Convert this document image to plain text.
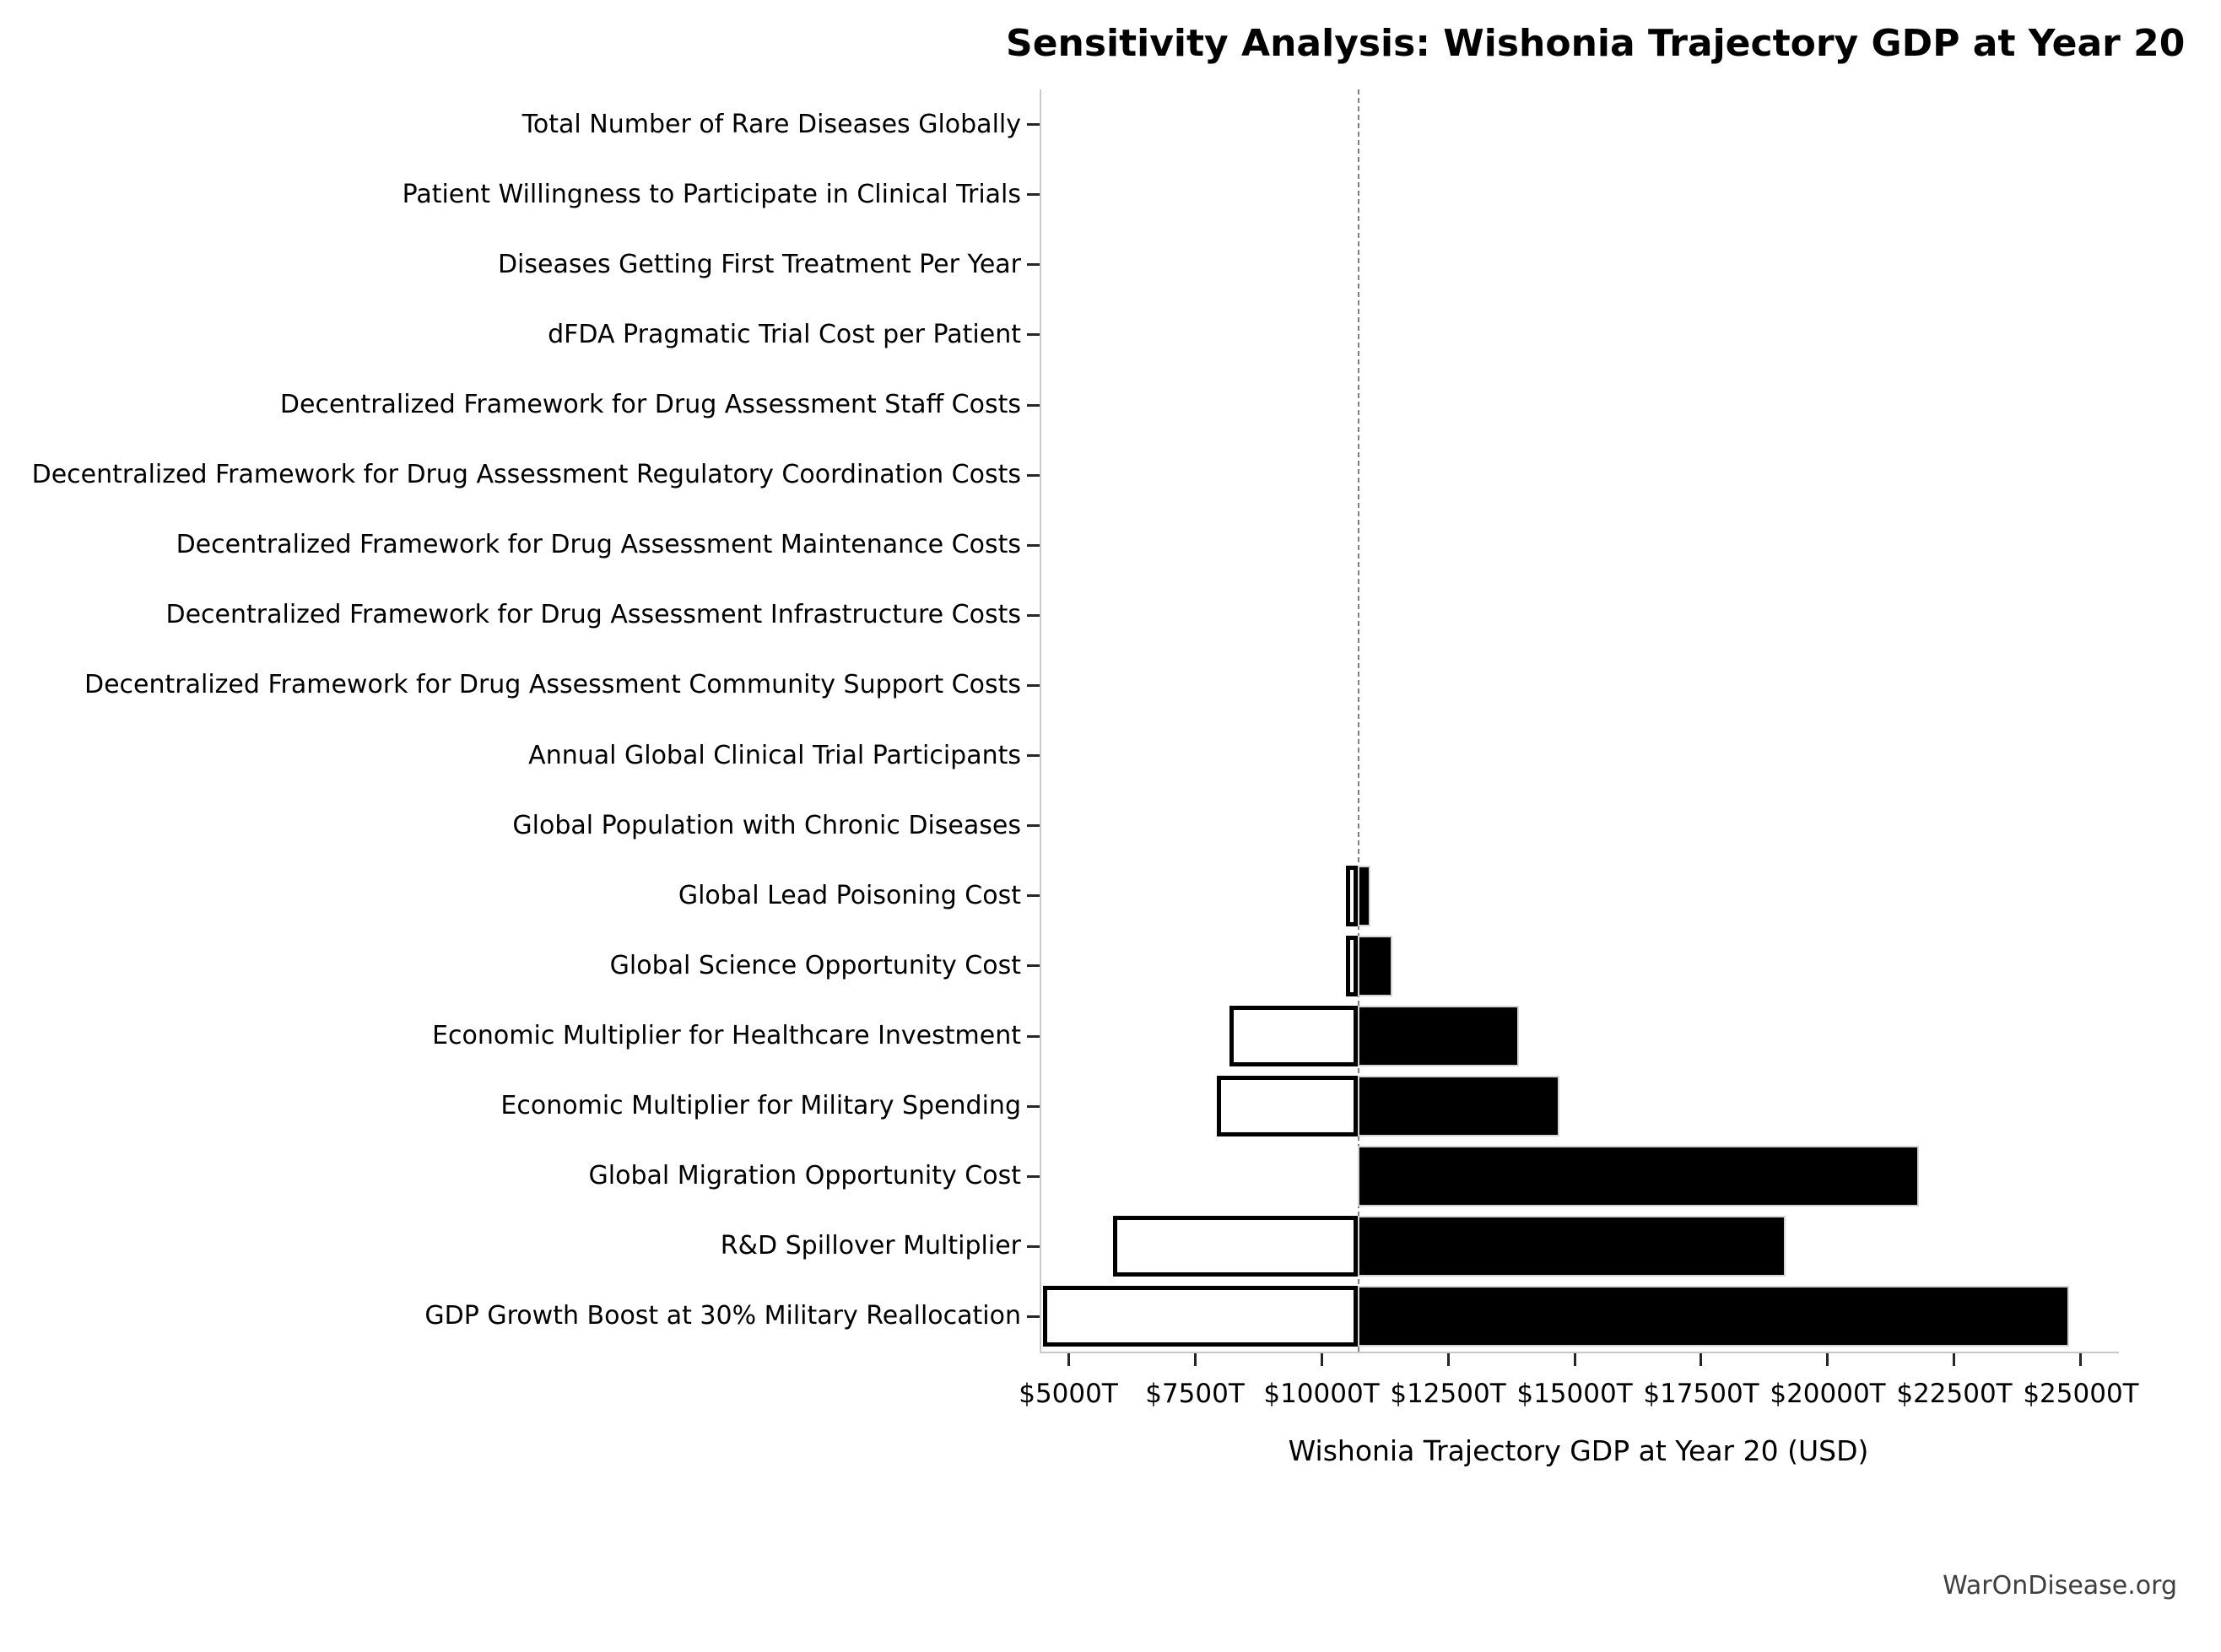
Sensitivity Analysis: Wishonia Trajectory GDP at Year 20
Wishonia Trajectory GDP at Year 20 (USD)
WarOnDisease.org
Total Number of Rare Diseases Globally
Patient Willingness to Participate in Clinical Trials
Diseases Getting First Treatment Per Year
dFDA Pragmatic Trial Cost per Patient
Decentralized Framework for Drug Assessment Staff Costs
Decentralized Framework for Drug Assessment Regulatory Coordination Costs
Decentralized Framework for Drug Assessment Maintenance Costs
Decentralized Framework for Drug Assessment Infrastructure Costs
Decentralized Framework for Drug Assessment Community Support Costs
Annual Global Clinical Trial Participants
Global Population with Chronic Diseases
Global Lead Poisoning Cost
Global Science Opportunity Cost
Economic Multiplier for Healthcare Investment
Economic Multiplier for Military Spending
Global Migration Opportunity Cost
R&D Spillover Multiplier
GDP Growth Boost at 30% Military Reallocation
$5000T	$7500T $10000T $12500T $15000T $17500T $20000T $22500T $25000T
